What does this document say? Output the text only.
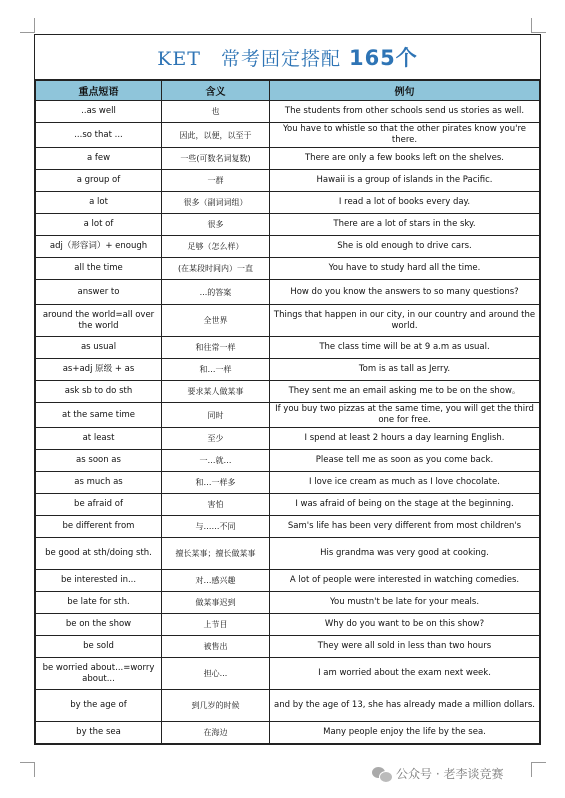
KET　常考固定搭配 165个
重点短语	含义	例句
..as well	也	The students from other schools send us stories as well.
...so that ...	因此，以便，以至于	You have to whistle so that the other pirates know you're there.
a few	一些(可数名词复数)	There are only a few books left on the shelves.
a group of	一群	Hawaii is a group of islands in the Pacific.
a lot	很多（副词词组）	I read a lot of books every day.
a lot of	很多	There are a lot of stars in the sky.
adj（形容词）+ enough	足够（怎么样）	She is old enough to drive cars.
all the time	(在某段时间内）一直	You have to study hard all the time.
answer to	...的答案	How do you know the answers to so many questions?
around the world=all over the world	全世界	Things that happen in our city, in our country and around the world.
as usual	和往常一样	The class time will be at 9 a.m as usual.
as+adj 原级 + as	和…一样	Tom is as tall as Jerry.
ask sb to do sth	要求某人做某事	They sent me an email asking me to be on the show。
at the same time	同时	If you buy two pizzas at the same time, you will get the third one for free.
at least	至少	I spend at least 2 hours a day learning English.
as soon as	一…就…	Please tell me as soon as you come back.
as much as	和…一样多	I love ice cream as much as I love chocolate.
be afraid of	害怕	I was afraid of being on the stage at the beginning.
be different from	与……不同	Sam's life has been very different from most children's
be good at sth/doing sth.	擅长某事；擅长做某事	His grandma was very good at cooking.
be interested in...	对…感兴趣	A lot of people were interested in watching comedies.
be late for sth.	做某事迟到	You mustn't be late for your meals.
be on the show	上节目	Why do you want to be on this show?
be sold	被售出	They were all sold in less than two hours
be worried about...=worry about...	担心...	I am worried about the exam next week.
by the age of	到几岁的时候	and by the age of 13, she has already made a million dollars.
by the sea	在海边	Many people enjoy the life by the sea.
公众号 · 老李谈竞赛
